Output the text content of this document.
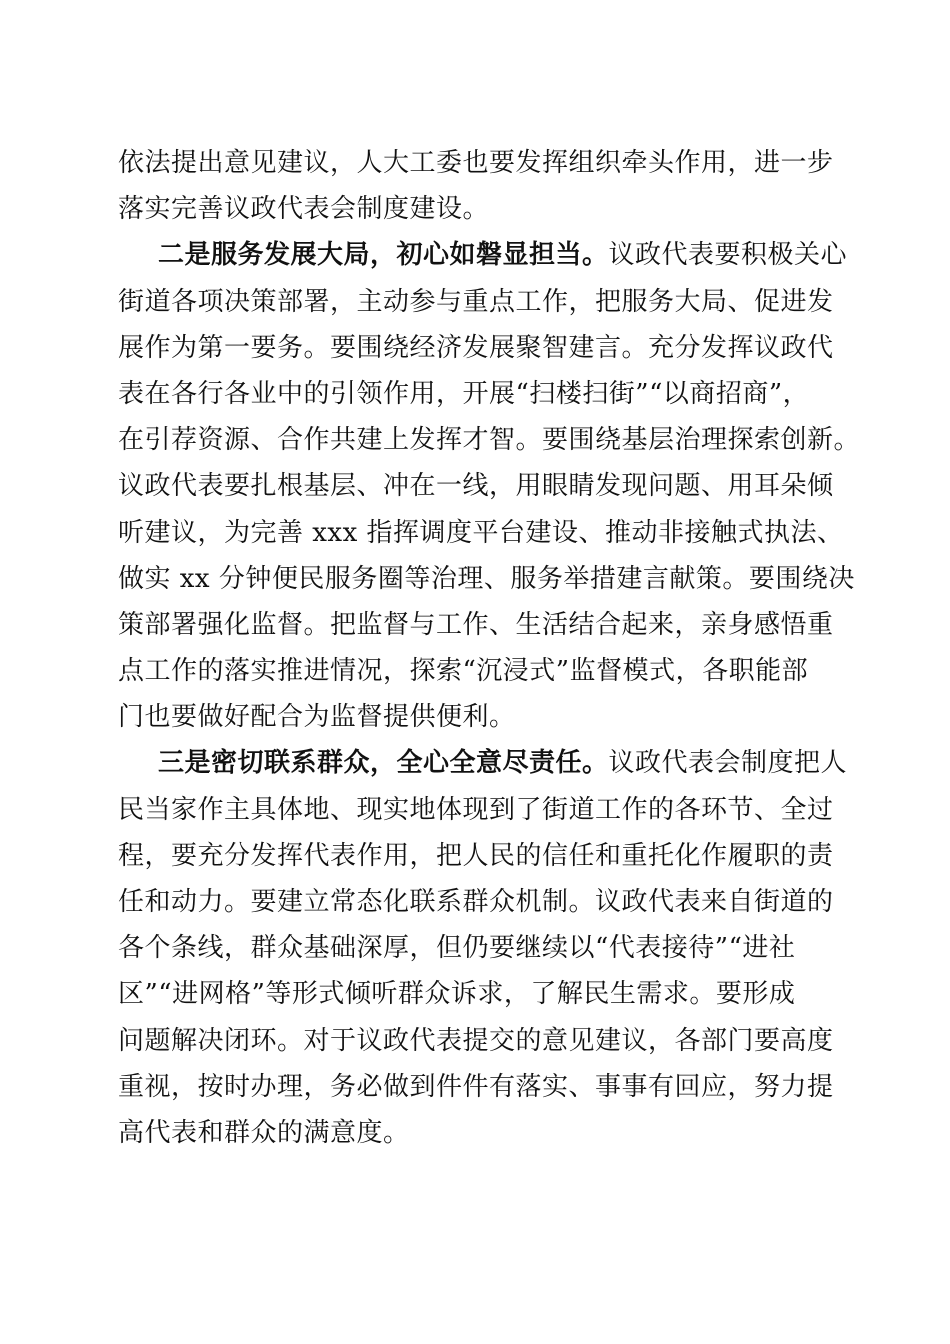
依法提出意见建议，人大工委也要发挥组织牵头作用，进一步
落实完善议政代表会制度建设。
二是服务发展大局，初心如磐显担当。议政代表要积极关心
街道各项决策部署，主动参与重点工作，把服务大局、促进发
展作为第一要务。要围绕经济发展聚智建言。充分发挥议政代
表在各行各业中的引领作用，开展“扫楼扫街”“以商招商”，
在引荐资源、合作共建上发挥才智。要围绕基层治理探索创新。
议政代表要扎根基层、冲在一线，用眼睛发现问题、用耳朵倾
听建议，为完善 xxx 指挥调度平台建设、推动非接触式执法、
做实 xx 分钟便民服务圈等治理、服务举措建言献策。要围绕决
策部署强化监督。把监督与工作、生活结合起来，亲身感悟重
点工作的落实推进情况，探索“沉浸式”监督模式，各职能部
门也要做好配合为监督提供便利。
三是密切联系群众，全心全意尽责任。议政代表会制度把人
民当家作主具体地、现实地体现到了街道工作的各环节、全过
程，要充分发挥代表作用，把人民的信任和重托化作履职的责
任和动力。要建立常态化联系群众机制。议政代表来自街道的
各个条线，群众基础深厚，但仍要继续以“代表接待”“进社
区”“进网格”等形式倾听群众诉求，了解民生需求。要形成
问题解决闭环。对于议政代表提交的意见建议，各部门要高度
重视，按时办理，务必做到件件有落实、事事有回应，努力提
高代表和群众的满意度。
